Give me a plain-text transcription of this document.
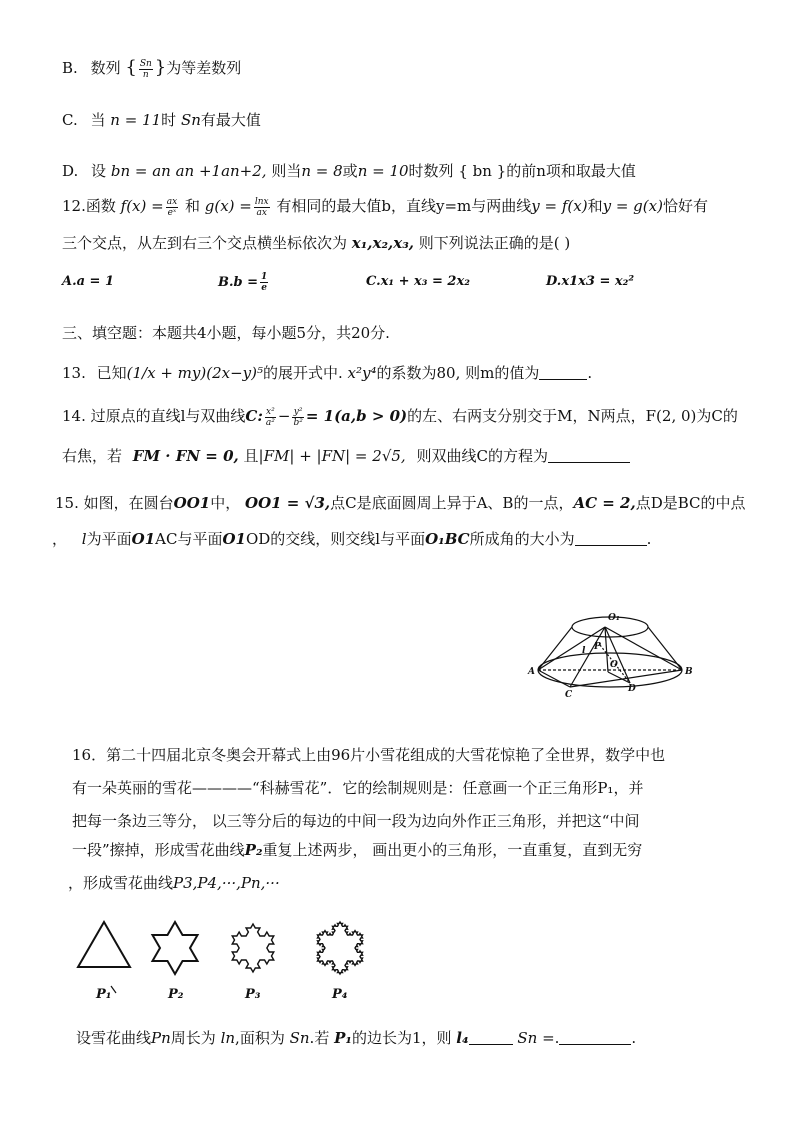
B. 数列 { $\frac{Sn}{n}$ }为等差数列
C. 当 n = 11时 Sn有最大值
D. 设 bn = an an +1an+2, 则当n = 8或n = 10时数列 { bn }的前n项和取最大值
12.函数 $f(x) = \frac{ax}{\text{eˣ}}$ 和 $g(x) = \frac{\ln x}{ax}$ 有相同的最大值b，直线y=m与两曲线y = f(x)和y = g(x)恰好有
三个交点，从左到右三个交点横坐标依次为 x₁,x₂,x₃, 则下列说法正确的是( )
A.a = 1	$B.b = \frac{1}{e}$	C.x₁ + x₃ = 2x₂	D.x1x3 = x₂²
三、填空题：本题共4小题，每小题5分，共20分.
13. 已知(1/x + my)(2x−y)⁵的展开式中. x²y⁴的系数为80, 则m的值为	.
14. 过原点的直线l与双曲线C: $\frac{\text{x²}}{\text{a²}} - \frac{\text{y²}}{\text{b²}} = 1(a,b > 0)$的左、右两支分别交于M，N两点，F(2, 0)为C的
右焦，若 FM · FN = 0, 且|FM| + |FN| = 2√5, 则双曲线C的方程为
15. 如图，在圆台OO1中， OO1 = √3,点C是底面圆周上异于A、B的一点，AC = 2,点D是BC的中点
， l为平面O1AC与平面O1OD的交线，则交线l与平面O₁BC所成角的大小为	.
O₁
P
l
O
A	B
C
D
16．第二十四届北京冬奥会开幕式上由96片小雪花组成的大雪花惊艳了全世界，数学中也
有一朵英丽的雪花————“科赫雪花”．它的绘制规则是：任意画一个正三角形P₁，并
把每一条边三等分， 以三等分后的每边的中间一段为边向外作正三角形，并把这“中间
一段”擦掉，形成雪花曲线P₂重复上述两步， 画出更小的三角形，一直重复，直到无穷
，形成雪花曲线P3,P4,···,Pn,···
P₁	P₂	P₃	P₄
设雪花曲线Pn周长为 ln,面积为 Sn.若 P₁的边长为1，则 l₄	Sn =.	.
